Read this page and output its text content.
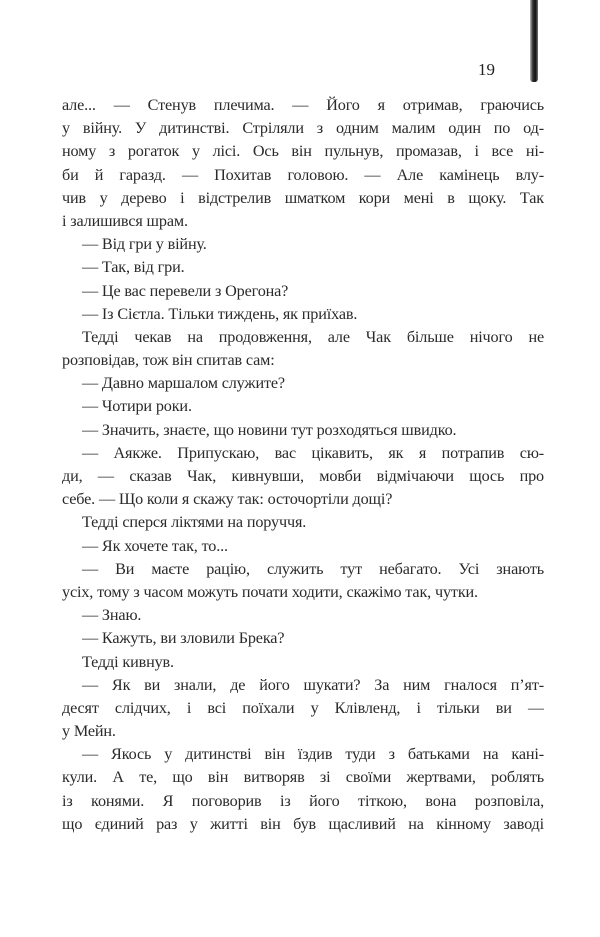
19
але... — Стенув плечима. — Його я отримав, граючись
у війну. У дитинстві. Стріляли з одним малим один по од-
ному з рогаток у лісі. Ось він пульнув, промазав, і все ні-
би й гаразд. — Похитав головою. — Але камінець влу-
чив у дерево і відстрелив шматком кори мені в щоку. Так
і залишився шрам.
— Від гри у війну.
— Так, від гри.
— Це вас перевели з Орегона?
— Із Сієтла. Тільки тиждень, як приїхав.
Тедді чекав на продовження, але Чак більше нічого не
розповідав, тож він спитав сам:
— Давно маршалом служите?
— Чотири роки.
— Значить, знаєте, що новини тут розходяться швидко.
— Аякже. Припускаю, вас цікавить, як я потрапив сю-
ди, — сказав Чак, кивнувши, мовби відмічаючи щось про
себе. — Що коли я скажу так: осточортіли дощі?
Тедді сперся ліктями на поруччя.
— Як хочете так, то...
— Ви маєте рацію, служить тут небагато. Усі знають
усіх, тому з часом можуть почати ходити, скажімо так, чутки.
— Знаю.
— Кажуть, ви зловили Брека?
Тедді кивнув.
— Як ви знали, де його шукати? За ним гналося п’ят-
десят слідчих, і всі поїхали у Клівленд, і тільки ви —
у Мейн.
— Якось у дитинстві він їздив туди з батьками на кані-
кули. А те, що він витворяв зі своїми жертвами, роблять
із конями. Я поговорив із його тіткою, вона розповіла,
що єдиний раз у житті він був щасливий на кінному заводі
